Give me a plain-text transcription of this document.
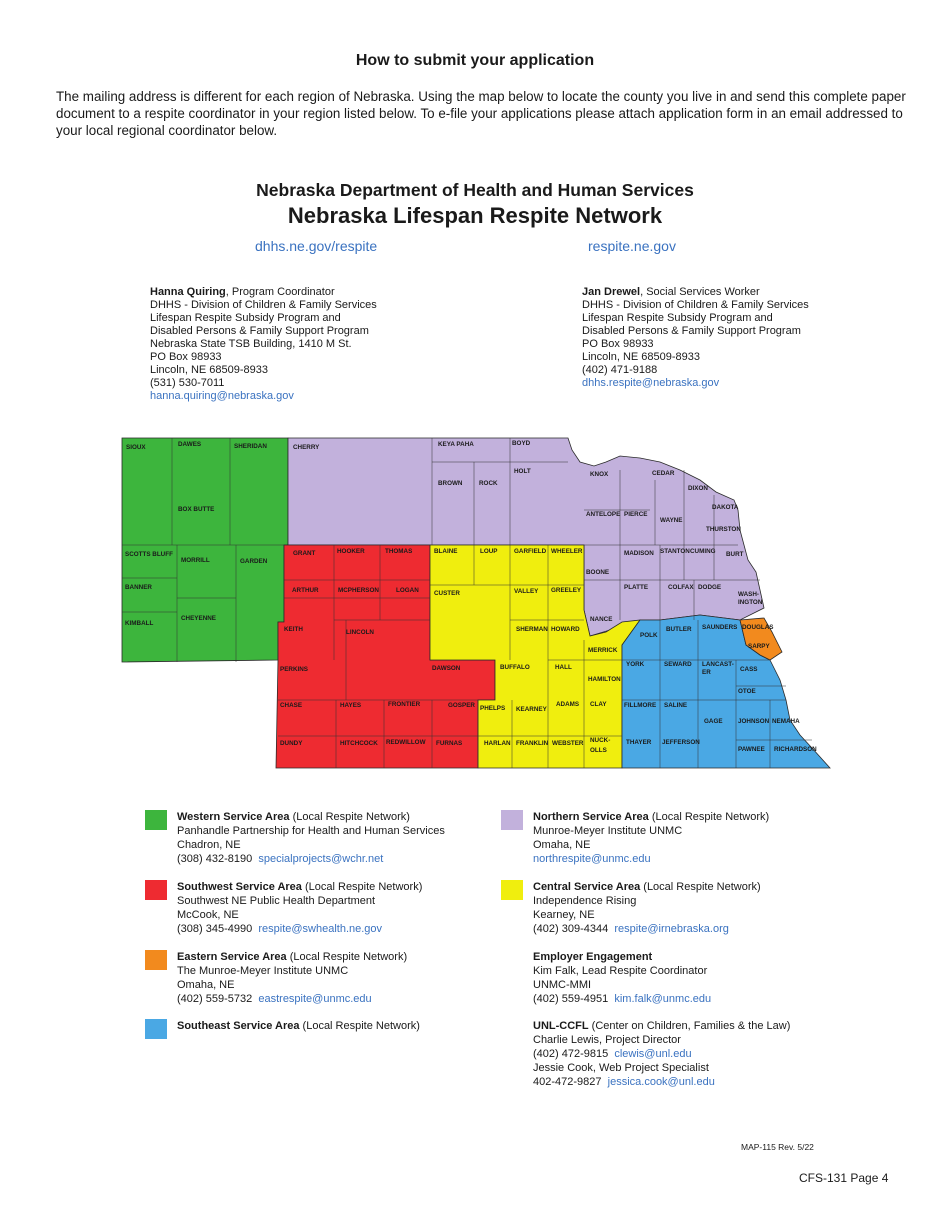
How to submit your application
The mailing address is different for each region of Nebraska. Using the map below to locate the county you live in and send this complete paper document to a respite coordinator in your region listed below. To e-file your applications please attach application form in an email addressed to your local regional coordinator below.
Nebraska Department of Health and Human Services
Nebraska Lifespan Respite Network
dhhs.ne.gov/respite	respite.ne.gov
Hanna Quiring, Program Coordinator
DHHS - Division of Children & Family Services
Lifespan Respite Subsidy Program and
Disabled Persons & Family Support Program
Nebraska State TSB Building, 1410 M St.
PO Box 98933
Lincoln, NE 68509-8933
(531) 530-7011
hanna.quiring@nebraska.gov
Jan Drewel, Social Services Worker
DHHS - Division of Children & Family Services
Lifespan Respite Subsidy Program and
Disabled Persons & Family Support Program
PO Box 98933
Lincoln, NE 68509-8933
(402) 471-9188
dhhs.respite@nebraska.gov
SIOUX	DAWES	SHERIDAN
BOX BUTTE
SCOTTS BLUFF
MORRILL	GARDEN
BANNER
KIMBALL
CHEYENNE
CHERRY	KEYA PAHA	BOYD
BROWN	ROCK
HOLT	KNOX	CEDAR
DIXON
DAKOTA
ANTELOPE PIERCE
WAYNE
THURSTON
MADISON STANTON CUMING BURT
BOONE
PLATTE	COLFAX DODGE
WASH-
INGTON
NANCE
GRANT	HOOKER	THOMAS
ARTHUR	MCPHERSON	LOGAN
KEITH	LINCOLN
PERKINS	DAWSON
CHASE	HAYES	FRONTIER	GOSPER
DUNDY	HITCHCOCK REDWILLOW FURNAS
BLAINE	LOUP	GARFIELD WHEELER
CUSTER	VALLEY GREELEY
SHERMAN HOWARD
MERRICK
BUFFALO	HALL
HAMILTON
PHELPS KEARNEY
ADAMS CLAY
HARLAN FRANKLIN WEBSTER NUCK-
OLLS
POLK
BUTLER SAUNDERS DOUGLAS
SARPY
YORK	SEWARD LANCAST-
ER	CASS
FILLMORE SALINE
OTOE
GAGE JOHNSON NEMAHA
THAYER JEFFERSON
PAWNEE RICHARDSON
Western Service Area (Local Respite Network)
Panhandle Partnership for Health and Human Services
Chadron, NE
(308) 432-8190 specialprojects@wchr.net
Southwest Service Area (Local Respite Network)
Southwest NE Public Health Department
McCook, NE
(308) 345-4990 respite@swhealth.ne.gov
Eastern Service Area (Local Respite Network)
The Munroe-Meyer Institute UNMC
Omaha, NE
(402) 559-5732 eastrespite@unmc.edu
Southeast Service Area (Local Respite Network)
Northern Service Area (Local Respite Network)
Munroe-Meyer Institute UNMC
Omaha, NE
northrespite@unmc.edu
Central Service Area (Local Respite Network)
Independence Rising
Kearney, NE
(402) 309-4344 respite@irnebraska.org
Employer Engagement
Kim Falk, Lead Respite Coordinator
UNMC-MMI
(402) 559-4951 kim.falk@unmc.edu
UNL-CCFL (Center on Children, Families & the Law)
Charlie Lewis, Project Director
(402) 472-9815 clewis@unl.edu
Jessie Cook, Web Project Specialist
402-472-9827 jessica.cook@unl.edu
MAP-115 Rev. 5/22
CFS-131 Page 4
